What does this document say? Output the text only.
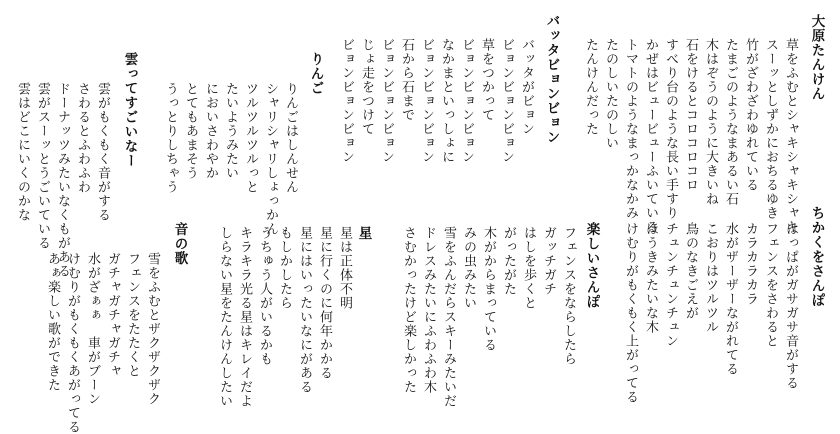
大原たんけん
草をふむとシャキシャキシャキ
スーッとしずかにおちるゆき
竹がざわざわゆれている
たまごのようなまあるい石
木はぞうのように大きいね
石をけるとコロコロコロ
すべり台のような長い手すり
かぜはビュービューふいている
トマトのようなまっかなかみ
たのしいたのしい
たんけんだった
バッタビョンビョン
バッタがビョン
ビョンビョンビョン
草をつかって
ビョンビョンビョン
なかまといっしょに
ビョンビョンビョン
石から石まで
ビョンビョンビョン
じょ走をつけて
ビョンビョンビョン
りんご
りんごはしんせん
シャリシャリしょっかん
ツルツルツルっと
たいようみたい
においさわやか
とてもあまそう
うっとりしちゃう
雲ってすごいなー
雲がもくもく音がする
さわるとふわふわ
ドーナッツみたいなくもがある
雲がスーッとうごいている
雲はどこにいくのかな
ちかくをさんぽ
はっぱがガサガサ音がする
フェンスをさわると
カラカラカラ
水がザーザーながれてる
こおりはツルツル
鳥のなきごえが
チュンチュンチュン
ほうきみたいな木
けむりがもくもく上がってる
楽しいさんぽ
フェンスをならしたら
ガッチガチ
はしを歩くと
がったがた
木がからまっている
みの虫みたい
雪をふんだらスキーみたいだ
ドレスみたいにふわふわ木
さむかったけど楽しかった
星
星は正体不明
星に行くのに何年かかる
星にはいったいなにがある
もしかしたら
うちゅう人がいるかも
キラキラ光る星はキレイだよ
しらない星をたんけんしたい
音の歌
雪をふむとザクザクザク
フェンスをたたくと
ガチャガチャガチャ
水がざぁぁ　車がブーン
けむりがもくもくあがってる
あぁ楽しい歌ができた
